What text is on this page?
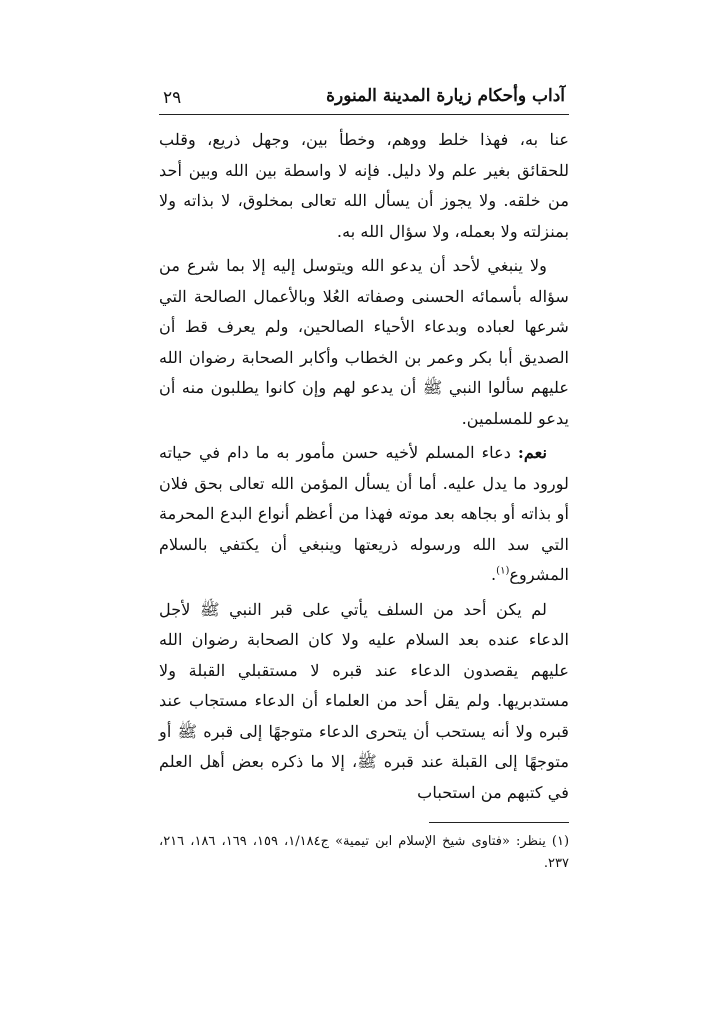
آداب وأحكام زيارة المدينة المنورة
٢٩

عنا به، فهذا خلط ووهم، وخطأ بين، وجهل ذريع، وقلب للحقائق بغير علم ولا دليل. فإنه لا واسطة بين الله وبين أحد من خلقه. ولا يجوز أن يسأل الله تعالى بمخلوق، لا بذاته ولا بمنزلته ولا بعمله، ولا سؤال الله به.

ولا ينبغي لأحد أن يدعو الله ويتوسل إليه إلا بما شرع من سؤاله بأسمائه الحسنى وصفاته العُلا وبالأعمال الصالحة التي شرعها لعباده وبدعاء الأحياء الصالحين، ولم يعرف قط أن الصديق أبا بكر وعمر بن الخطاب وأكابر الصحابة رضوان الله عليهم سألوا النبي ﷺ أن يدعو لهم وإن كانوا يطلبون منه أن يدعو للمسلمين.

نعم: دعاء المسلم لأخيه حسن مأمور به ما دام في حياته لورود ما يدل عليه. أما أن يسأل المؤمن الله تعالى بحق فلان أو بذاته أو بجاهه بعد موته فهذا من أعظم أنواع البدع المحرمة التي سد الله ورسوله ذريعتها وينبغي أن يكتفي بالسلام المشروع$^{(١)}$.

لم يكن أحد من السلف يأتي على قبر النبي ﷺ لأجل الدعاء عنده بعد السلام عليه ولا كان الصحابة رضوان الله عليهم يقصدون الدعاء عند قبره لا مستقبلي القبلة ولا مستدبريها. ولم يقل أحد من العلماء أن الدعاء مستجاب عند قبره ولا أنه يستحب أن يتحرى الدعاء متوجهًا إلى قبره ﷺ أو متوجهًا إلى القبلة عند قبره ﷺ، إلا ما ذكره بعض أهل العلم في كتبهم من استحباب

(١) ينظر: «فتاوى شيخ الإسلام ابن تيمية» ج١/١٨٤، ١٥٩، ١٦٩، ١٨٦، ٢١٦، ٢٣٧.
